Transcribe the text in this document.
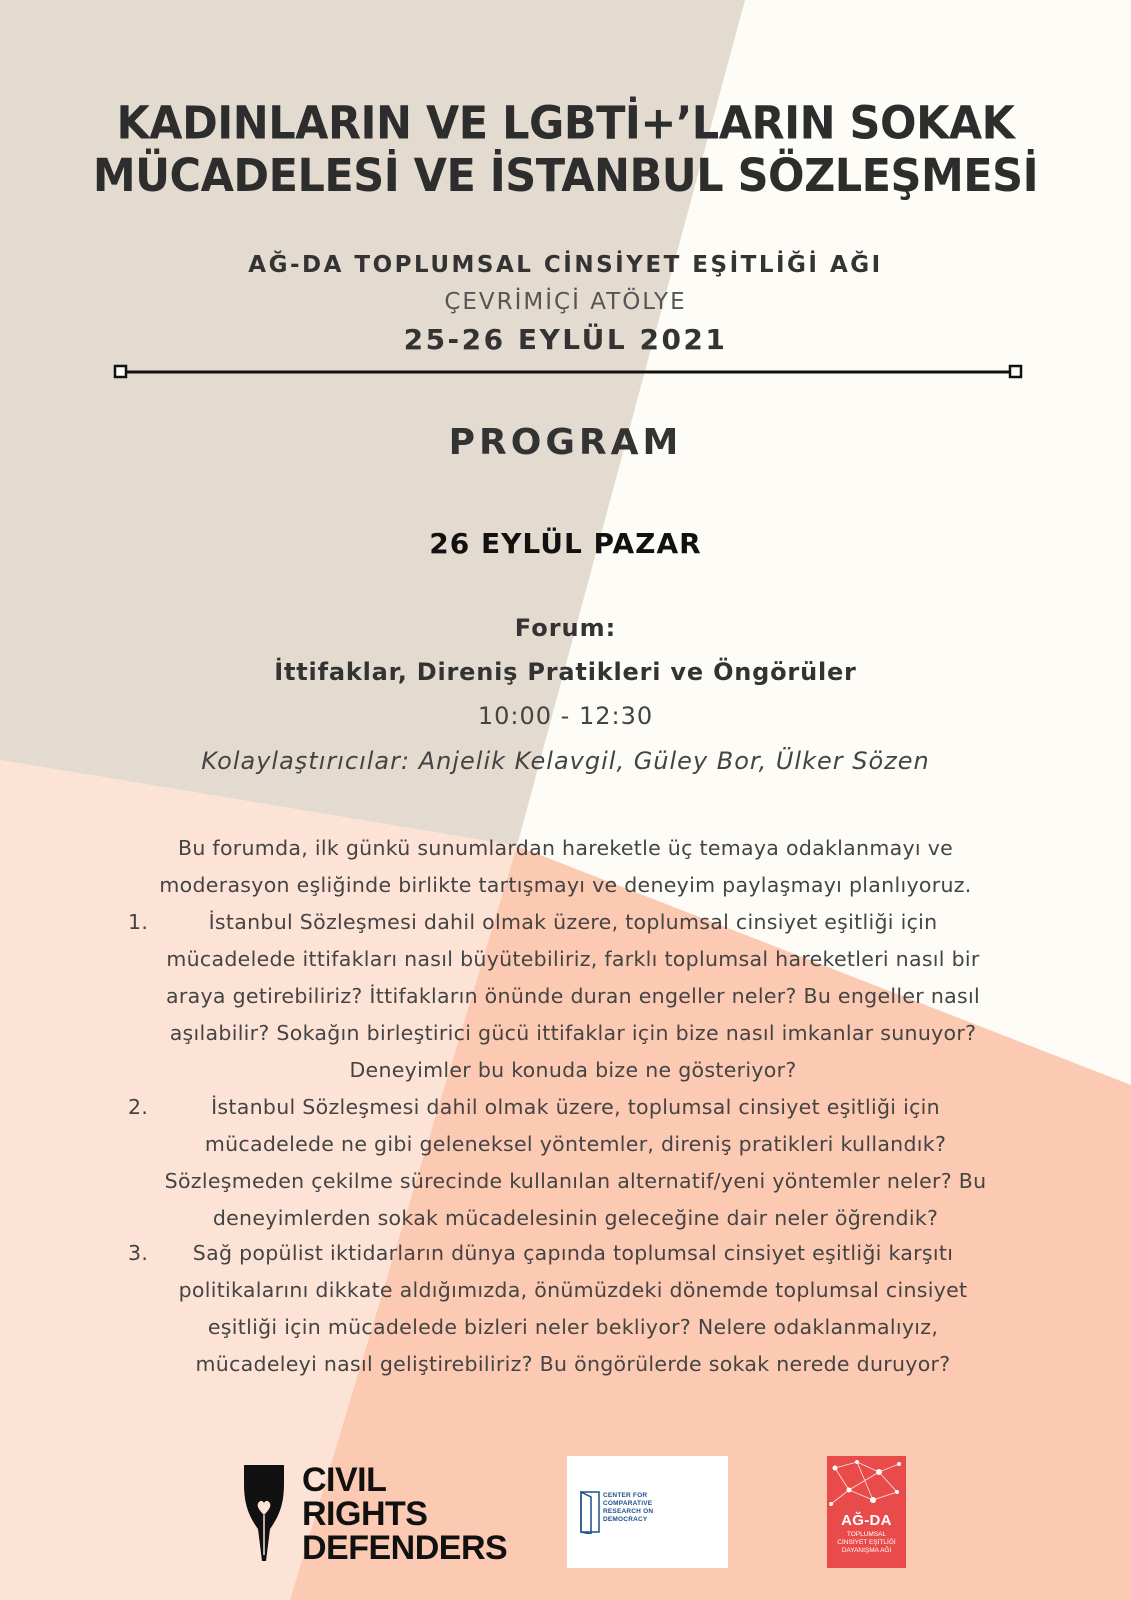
KADINLARIN VE LGBTİ+’LARIN SOKAK
MÜCADELESİ VE İSTANBUL SÖZLEŞMESİ
AĞ-DA TOPLUMSAL CİNSİYET EŞİTLİĞİ AĞI
ÇEVRİMİÇİ ATÖLYE
25-26 EYLÜL 2021
PROGRAM
26 EYLÜL PAZAR
Forum:
İttifaklar, Direniş Pratikleri ve Öngörüler
10:00 - 12:30
Kolaylaştırıcılar: Anjelik Kelavgil, Güley Bor, Ülker Sözen
Bu forumda, ilk günkü sunumlardan hareketle üç temaya odaklanmayı ve
moderasyon eşliğinde birlikte tartışmayı ve deneyim paylaşmayı planlıyoruz.
1.	İstanbul Sözleşmesi dahil olmak üzere, toplumsal cinsiyet eşitliği için mücadelede ittifakları nasıl büyütebiliriz, farklı toplumsal hareketleri nasıl bir araya getirebiliriz? İttifakların önünde duran engeller neler? Bu engeller nasıl aşılabilir? Sokağın birleştirici gücü ittifaklar için bize nasıl imkanlar sunuyor? Deneyimler bu konuda bize ne gösteriyor?
2.	İstanbul Sözleşmesi dahil olmak üzere, toplumsal cinsiyet eşitliği için mücadelede ne gibi geleneksel yöntemler, direniş pratikleri kullandık? Sözleşmeden çekilme sürecinde kullanılan alternatif/yeni yöntemler neler? Bu deneyimlerden sokak mücadelesinin geleceğine dair neler öğrendik?
3.	Sağ popülist iktidarların dünya çapında toplumsal cinsiyet eşitliği karşıtı politikalarını dikkate aldığımızda, önümüzdeki dönemde toplumsal cinsiyet eşitliği için mücadelede bizleri neler bekliyor? Nelere odaklanmalıyız, mücadeleyi nasıl geliştirebiliriz? Bu öngörülerde sokak nerede duruyor?
CIVIL
RIGHTS
DEFENDERS
CENTER FOR
COMPARATIVE
RESEARCH ON
DEMOCRACY	AĞ-DA
TOPLUMSAL
CİNSİYET EŞİTLİĞİ
DAYANIŞMA AĞI
